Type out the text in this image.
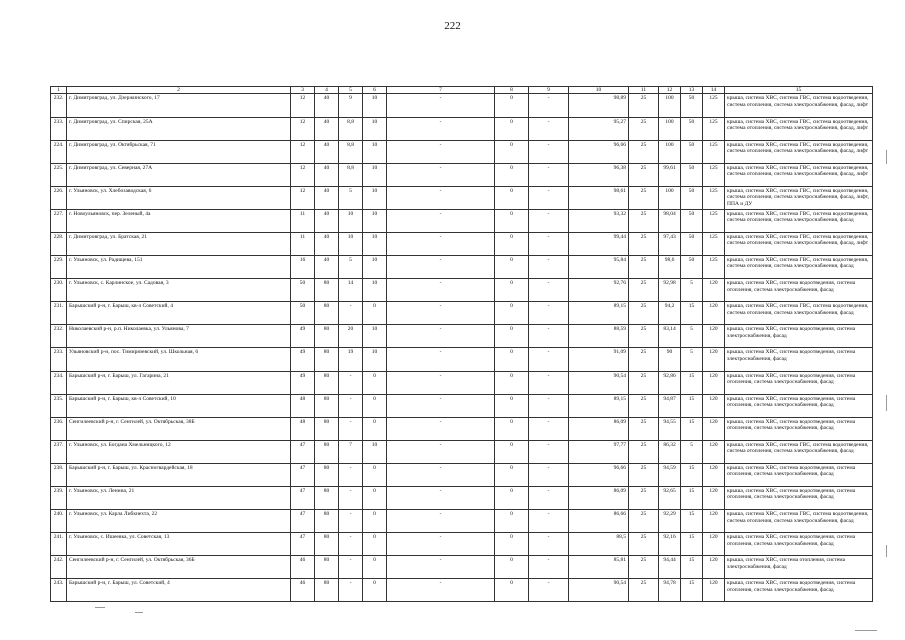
222
1	2	3	4	5	6	7	8	9	10	11	12	13	14	15
232.	г. Димитровград, ул. Дзержинского, 17	12	40	9	10	-	0	-	98,89	25	100	50	125	крыша, система ХВС, система ГВС, система водоотведения, система отопления, система электроснабжения, фасад, лифт
233.	г. Димитровград, ул. Спирская, 25А	12	40	8,8	10	-	0	-	95,27	25	100	50	125	крыша, система ХВС, система ГВС, система водоотведения, система отопления, система электроснабжения, фасад, лифт
224.	г. Димитровград, ул. Октябрьская, 71	12	40	8,8	10	-	0	-	96,66	25	100	50	125	крыша, система ХВС, система ГВС, система водоотведения, система отопления, система электроснабжения, фасад, лифт
225.	г. Димитровград, ул. Северная, 27А	12	40	8,8	10	-	0	-	96,38	25	99,61	50	125	крыша, система ХВС, система ГВС, система водоотведения, система отопления, система электроснабжения, фасад, лифт
226.	г. Ульяновск, ул. Хлебозаводская, 6	12	40	5	10	-	0	-	98,61	25	100	50	125	крыша, система ХВС, система ГВС, система водоотведения, система отопления, система электроснабжения, фасад, лифт, ППА и ДУ
227.	г. Новоульяновск, пер. Зеленый, 4а	11	40	10	10	-	0	-	93,32	25	98,04	50	125	крыша, система ХВС, система ГВС, система водоотведения, система отопления, система электроснабжения, фасад
228.	г. Димитровград, ул. Братская, 21	11	40	10	10	-	0	-	99,44	25	97,43	50	125	крыша, система ХВС, система ГВС, система водоотведения, система отопления, система электроснабжения, фасад, лифт
229.	г. Ульяновск, ул. Радищева, 151	16	40	5	10	-	0	-	95,84	25	98,6	50	125	крыша, система ХВС, система ГВС, система водоотведения, система отопления, система электроснабжения, фасад
230.	г. Ульяновск, с. Карлинское, ул. Садовая, 3	50	80	14	10	-	0	-	92,76	25	92,98	5	120	крыша, система ХВС, система водоотведения, система отопления, система электроснабжения, фасад
231.	Барышский р-н, г. Барыш, кв-л Советский, 4	50	80	-	0	-	0	-	89,15	25	94,2	15	120	крыша, система ХВС, система ГВС, система водоотведения, система отопления, система электроснабжения, фасад
232.	Николаевский р-н, р.п. Николаевка, ул. Ульянова, 7	49	80	20	10	-	0	-	88,59	25	83,14	5	120	крыша, система ХВС, система водоотведения, система электроснабжения, фасад
233.	Ульяновский р-н, пос. Тимирязевский, ул. Школьная, 6	49	80	19	10	-	0	-	91,09	25	90	5	120	крыша, система ХВС, система водоотведения, система электроснабжения, фасад
234.	Барышский р-н, г. Барыш, ул. Гагарина, 21	49	80	-	0	-	0	-	90,54	25	92,86	15	120	крыша, система ХВС, система водоотведения, система отопления, система электроснабжения, фасад
235.	Барышский р-н, г. Барыш, кв-л Советский, 10	48	80	-	0	-	0	-	89,15	25	94,87	15	120	крыша, система ХВС, система водоотведения, система отопления, система электроснабжения, фасад
236.	Сенгилеевский р-н, г. Сенгилей, ул. Октябрьская, 38Б	48	80	-	0	-	0	-	86,09	25	94,55	15	120	крыша, система ХВС, система водоотведения, система отопления, система электроснабжения, фасад
237.	г. Ульяновск, ул. Богдана Хмельницкого, 12	47	80	7	10	-	0	-	97,77	25	86,32	5	120	крыша, система ХВС, система ГВС, система водоотведения, система отопления, система электроснабжения, фасад
238.	Барышский р-н, г. Барыш, ул. Красногвардейская, 18	47	80	-	0	-	0	-	96,66	25	94,59	15	120	крыша, система ХВС, система водоотведения, система отопления, система электроснабжения, фасад
239.	г. Ульяновск, ул. Ленина, 21	47	80	-	0	-	0	-	86,09	25	92,65	15	120	крыша, система ХВС, система водоотведения, система отопления, система электроснабжения, фасад
240.	г. Ульяновск, ул. Карла Либкнехта, 22	47	80	-	0	-	0	-	86,66	25	92,29	15	120	крыша, система ХВС, система ГВС, система водоотведения, система отопления, система электроснабжения, фасад
241.	г. Ульяновск, с. Ишеевка, ул. Советская, 13	47	80	-	0	-	0	-	88,5	25	92,16	15	120	крыша, система ХВС, система водоотведения, система отопления, система электроснабжения, фасад
242.	Сенгилеевский р-н, г. Сенгилей, ул. Октябрьская, 36Б	46	80	-	0	-	0	-	85,81	25	94,44	15	120	крыша, система ХВС, система отопления, система электроснабжения, фасад
243.	Барышский р-н, г. Барыш, ул. Советский, 4	46	80	-	0	-	0	-	90,54	25	94,78	15	120	крыша, система ХВС, система водоотведения, система отопления, система электроснабжения, фасад
